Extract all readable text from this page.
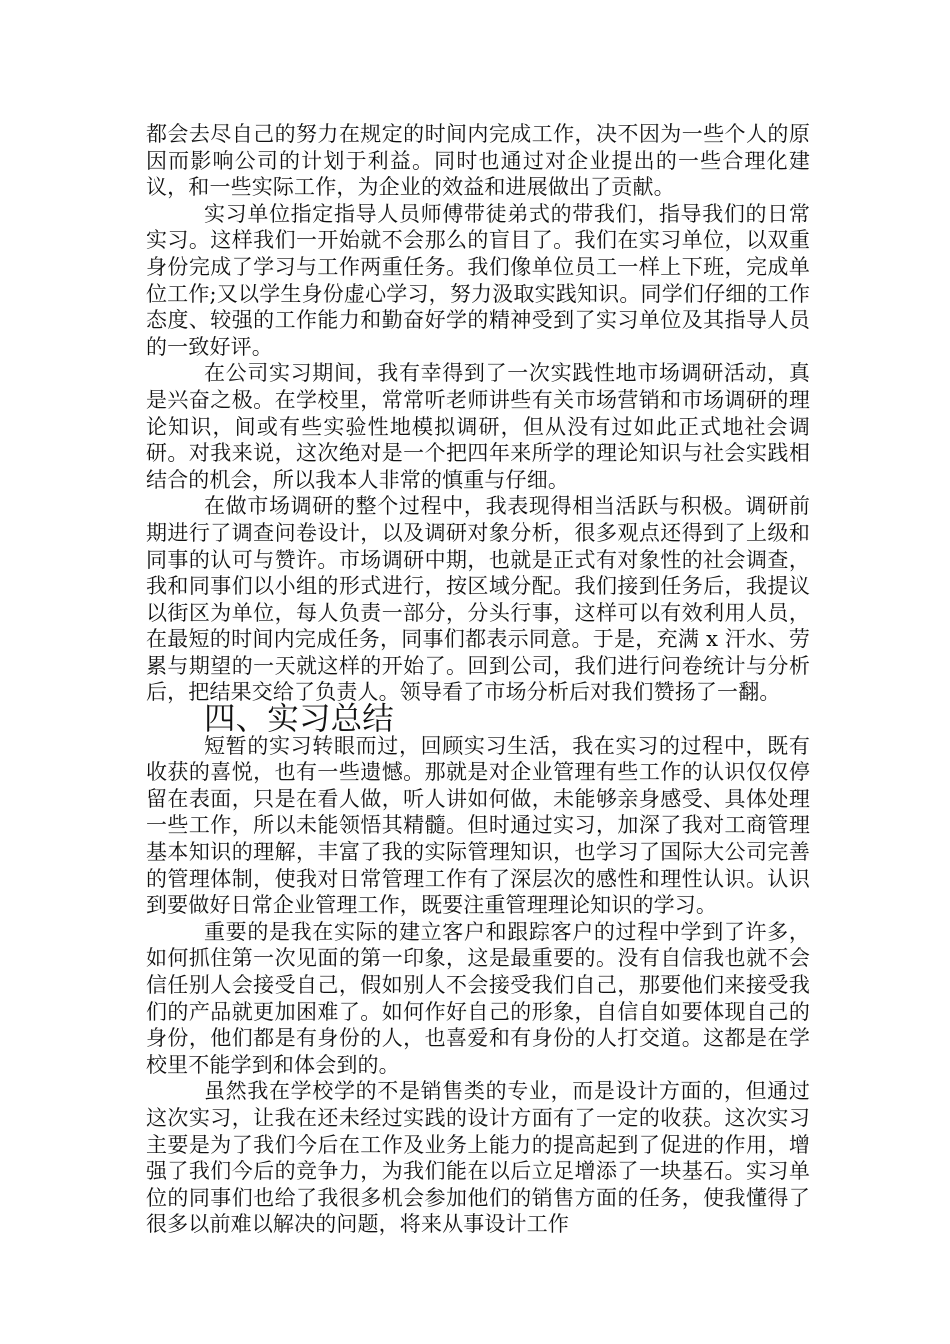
都会去尽自己的努力在规定的时间内完成工作，决不因为一些个人的原因而影响公司的计划于利益。同时也通过对企业提出的一些合理化建议，和一些实际工作，为企业的效益和进展做出了贡献。

实习单位指定指导人员师傅带徒弟式的带我们，指导我们的日常实习。这样我们一开始就不会那么的盲目了。我们在实习单位，以双重身份完成了学习与工作两重任务。我们像单位员工一样上下班，完成单位工作;又以学生身份虚心学习，努力汲取实践知识。同学们仔细的工作态度、较强的工作能力和勤奋好学的精神受到了实习单位及其指导人员的一致好评。

在公司实习期间，我有幸得到了一次实践性地市场调研活动，真是兴奋之极。在学校里，常常听老师讲些有关市场营销和市场调研的理论知识，间或有些实验性地模拟调研，但从没有过如此正式地社会调研。对我来说，这次绝对是一个把四年来所学的理论知识与社会实践相结合的机会，所以我本人非常的慎重与仔细。

在做市场调研的整个过程中，我表现得相当活跃与积极。调研前期进行了调查问卷设计，以及调研对象分析，很多观点还得到了上级和同事的认可与赞许。市场调研中期，也就是正式有对象性的社会调查，我和同事们以小组的形式进行，按区域分配。我们接到任务后，我提议以街区为单位，每人负责一部分，分头行事，这样可以有效利用人员，在最短的时间内完成任务，同事们都表示同意。于是，充满 x 汗水、劳累与期望的一天就这样的开始了。回到公司，我们进行问卷统计与分析后，把结果交给了负责人。领导看了市场分析后对我们赞扬了一翻。

四、实习总结

短暂的实习转眼而过，回顾实习生活，我在实习的过程中，既有收获的喜悦，也有一些遗憾。那就是对企业管理有些工作的认识仅仅停留在表面，只是在看人做，听人讲如何做，未能够亲身感受、具体处理一些工作，所以未能领悟其精髓。但时通过实习，加深了我对工商管理基本知识的理解，丰富了我的实际管理知识，也学习了国际大公司完善的管理体制，使我对日常管理工作有了深层次的感性和理性认识。认识到要做好日常企业管理工作，既要注重管理理论知识的学习。

重要的是我在实际的建立客户和跟踪客户的过程中学到了许多，如何抓住第一次见面的第一印象，这是最重要的。没有自信我也就不会信任别人会接受自己，假如别人不会接受我们自己，那要他们来接受我们的产品就更加困难了。如何作好自己的形象，自信自如要体现自己的身份，他们都是有身份的人，也喜爱和有身份的人打交道。这都是在学校里不能学到和体会到的。

虽然我在学校学的不是销售类的专业，而是设计方面的，但通过这次实习，让我在还未经过实践的设计方面有了一定的收获。这次实习主要是为了我们今后在工作及业务上能力的提高起到了促进的作用，增强了我们今后的竞争力，为我们能在以后立足增添了一块基石。实习单位的同事们也给了我很多机会参加他们的销售方面的任务，使我懂得了很多以前难以解决的问题，将来从事设计工作
